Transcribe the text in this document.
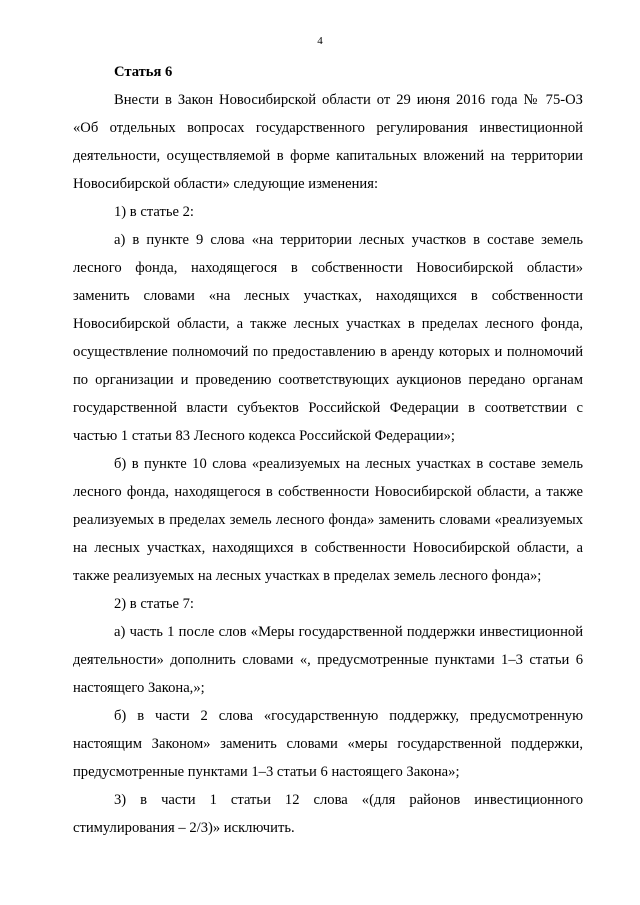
4

Статья 6

Внести в Закон Новосибирской области от 29 июня 2016 года № 75-ОЗ «Об отдельных вопросах государственного регулирования инвестиционной деятельности, осуществляемой в форме капитальных вложений на территории Новосибирской области» следующие изменения:

1) в статье 2:

а) в пункте 9 слова «на территории лесных участков в составе земель лесного фонда, находящегося в собственности Новосибирской области» заменить словами «на лесных участках, находящихся в собственности Новосибирской области, а также лесных участках в пределах лесного фонда, осуществление полномочий по предоставлению в аренду которых и полномочий по организации и проведению соответствующих аукционов передано органам государственной власти субъектов Российской Федерации в соответствии с частью 1 статьи 83 Лесного кодекса Российской Федерации»;

б) в пункте 10 слова «реализуемых на лесных участках в составе земель лесного фонда, находящегося в собственности Новосибирской области, а также реализуемых в пределах земель лесного фонда» заменить словами «реализуемых на лесных участках, находящихся в собственности Новосибирской области, а также реализуемых на лесных участках в пределах земель лесного фонда»;

2) в статье 7:

а) часть 1 после слов «Меры государственной поддержки инвестиционной деятельности» дополнить словами «, предусмотренные пунктами 1–3 статьи 6 настоящего Закона,»;

б) в части 2 слова «государственную поддержку, предусмотренную настоящим Законом» заменить словами «меры государственной поддержки, предусмотренные пунктами 1–3 статьи 6 настоящего Закона»;

3) в части 1 статьи 12 слова «(для районов инвестиционного стимулирования – 2/3)» исключить.
